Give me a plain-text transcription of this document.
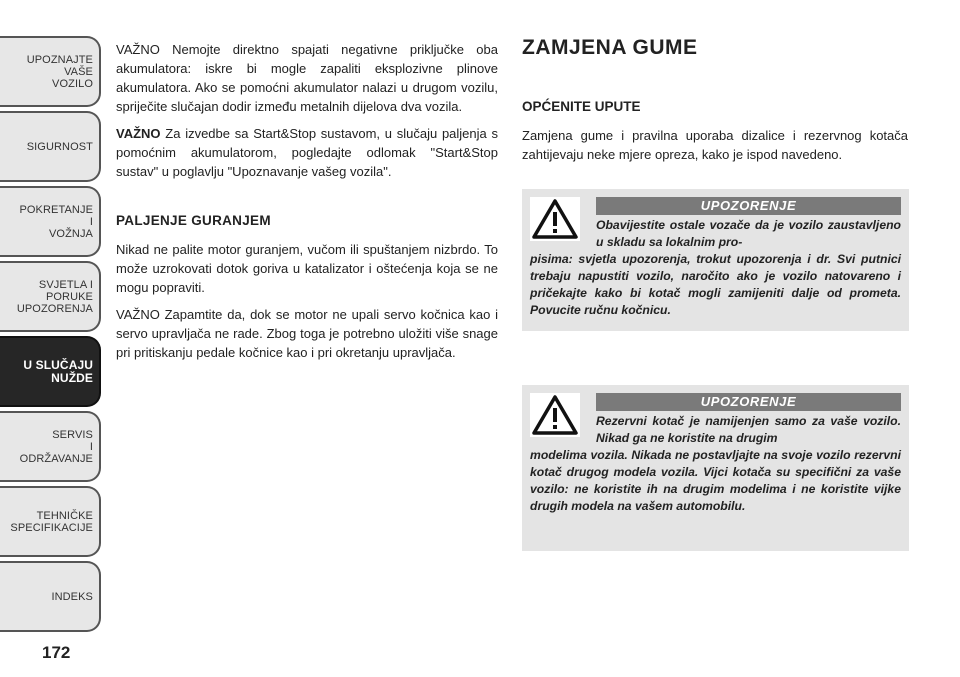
UPOZNAJTE
VAŠE
VOZILO
SIGURNOST
POKRETANJE
I
VOŽNJA
SVJETLA I
PORUKE
UPOZORENJA
U SLUČAJU
NUŽDE
SERVIS
I
ODRŽAVANJE
TEHNIČKE
SPECIFIKACIJE
INDEKS
172

VAŽNO Nemojte direktno spajati negativne priključke oba akumulatora: iskre bi mogle zapaliti eksplozivne plinove akumulatora. Ako se pomoćni akumulator nalazi u drugom vozilu, spriječite slučajan dodir između metalnih dijelova dva vozila.

VAŽNO Za izvedbe sa Start&Stop sustavom, u slučaju paljenja s pomoćnim akumulatorom, pogledajte odlomak "Start&Stop sustav" u poglavlju "Upoznavanje vašeg vozila".

PALJENJE GURANJEM

Nikad ne palite motor guranjem, vučom ili spuštanjem nizbrdo. To može uzrokovati dotok goriva u katalizator i oštećenja koja se ne mogu popraviti.

VAŽNO Zapamtite da, dok se motor ne upali servo kočnica kao i servo upravljača ne rade. Zbog toga je potrebno uložiti više snage pri pritiskanju pedale kočnice kao i pri okretanju upravljača.

ZAMJENA GUME
OPĆENITE UPUTE

Zamjena gume i pravilna uporaba dizalice i rezervnog kotača zahtijevaju neke mjere opreza, kako je ispod navedeno.

UPOZORENJE
Obavijestite ostale vozače da je vozilo zaustavljeno u skladu sa lokalnim pro-
pisima: svjetla upozorenja, trokut upozorenja i dr. Svi putnici trebaju napustiti vozilo, naročito ako je vozilo natovareno i pričekajte kako bi kotač mogli zamijeniti dalje od prometa. Povucite ručnu kočnicu.
UPOZORENJE
Rezervni kotač je namijenjen samo za vaše vozilo. Nikad ga ne koristite na drugim
modelima vozila. Nikada ne postavljajte na svoje vozilo rezervni kotač drugog modela vozila. Vijci kotača su specifični za vaše vozilo: ne koristite ih na drugim modelima i ne koristite vijke drugih modela na vašem automobilu.
